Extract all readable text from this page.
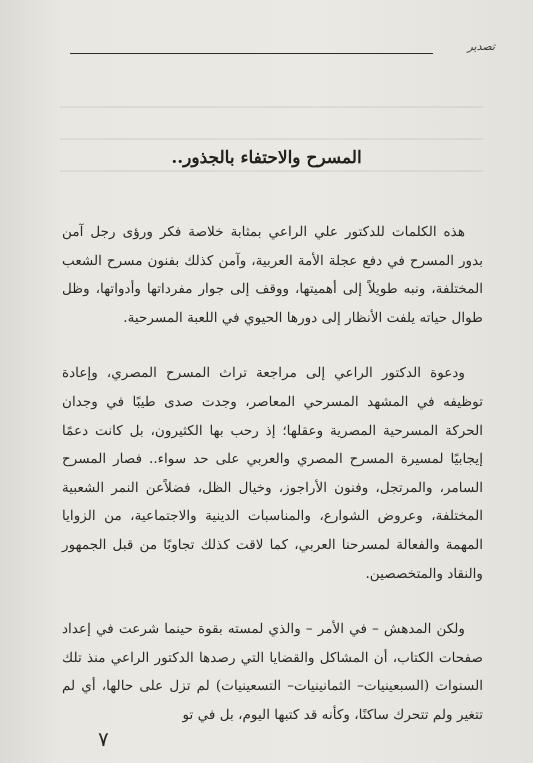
تصدير
المسرح والاحتفاء بالجذور..

هذه الكلمات للدكتور علي الراعي بمثابة خلاصة فكر ورؤى رجل آمن بدور المسرح في دفع عجلة الأمة العربية، وآمن كذلك بفنون مسرح الشعب المختلفة، ونبه طويلاً إلى أهميتها، ووقف إلى جوار مفرداتها وأدواتها، وظل طوال حياته يلفت الأنظار إلى دورها الحيوي في اللعبة المسرحية.

ودعوة الدكتور الراعي إلى مراجعة تراث المسرح المصري، وإعادة توظيفه في المشهد المسرحي المعاصر، وجدت صدى طيبًا في وجدان الحركة المسرحية المصرية وعقلها؛ إذ رحب بها الكثيرون، بل كانت دعمًا إيجابيًا لمسيرة المسرح المصري والعربي على حد سواء.. فصار المسرح السامر، والمرتجل، وفنون الأراجوز، وخيال الظل، فضلاًعن النمر الشعبية المختلفة، وعروض الشوارع، والمناسبات الدينية والاجتماعية، من الزوايا المهمة والفعالة لمسرحنا العربي، كما لاقت كذلك تجاوبًا من قبل الجمهور والنقاد والمتخصصين.

ولكن المدهش – في الأمر – والذي لمسته بقوة حينما شرعت في إعداد صفحات الكتاب، أن المشاكل والقضايا التي رصدها الدكتور الراعي منذ تلك السنوات (السبعينيات– الثمانينيات– التسعينيات) لم تزل على حالها، أي لم تتغير ولم تتحرك ساكنًا، وكأنه قد كتبها اليوم، بل في تو

٧
